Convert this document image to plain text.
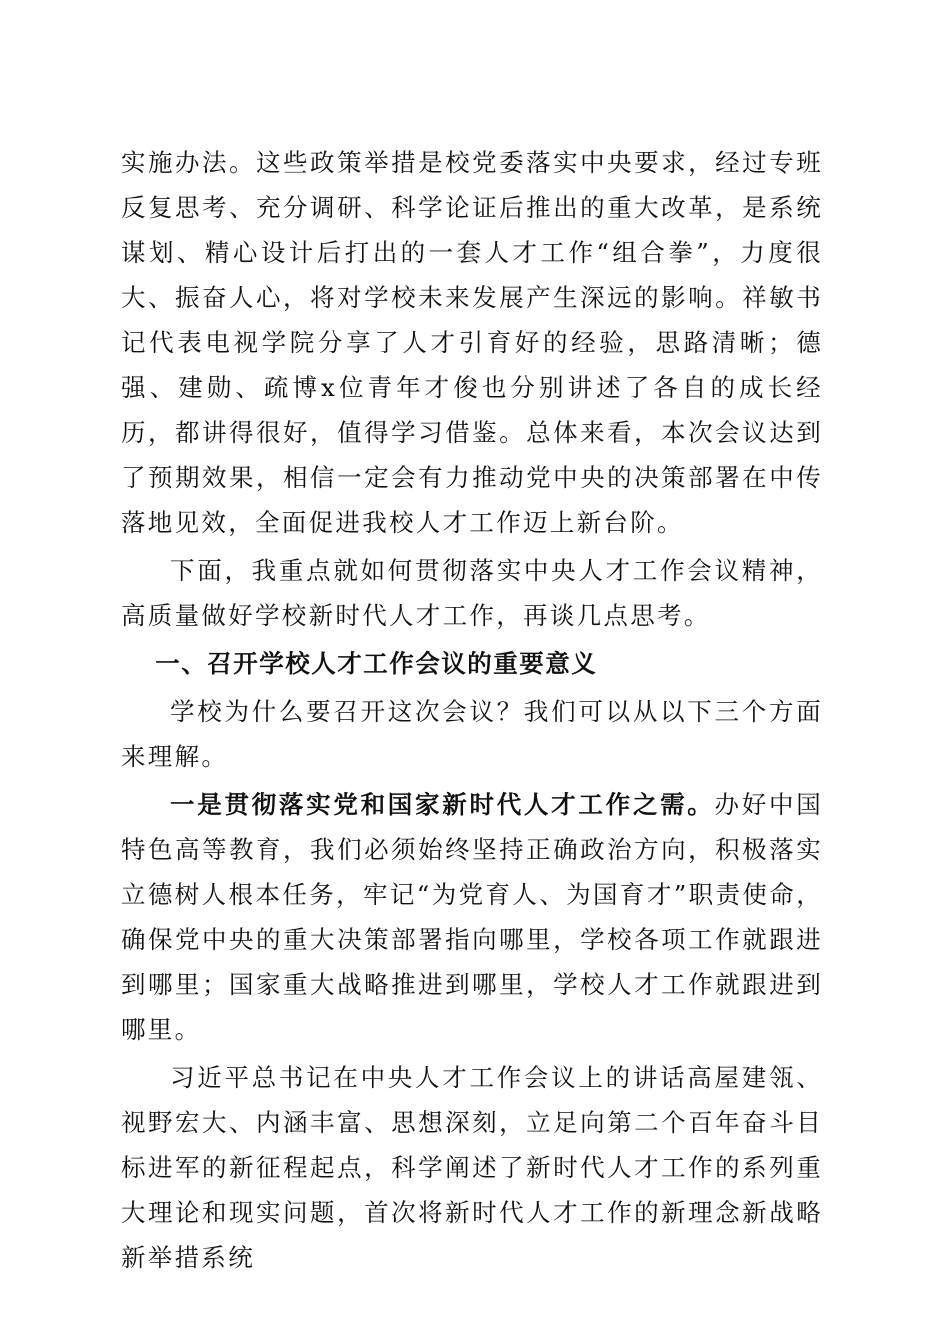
实施办法。这些政策举措是校党委落实中央要求，经过专班反复思考、充分调研、科学论证后推出的重大改革，是系统谋划、精心设计后打出的一套人才工作“组合拳”，力度很大、振奋人心，将对学校未来发展产生深远的影响。祥敏书记代表电视学院分享了人才引育好的经验，思路清晰；德强、建勋、疏博x位青年才俊也分别讲述了各自的成长经历，都讲得很好，值得学习借鉴。总体来看，本次会议达到了预期效果，相信一定会有力推动党中央的决策部署在中传落地见效，全面促进我校人才工作迈上新台阶。

下面，我重点就如何贯彻落实中央人才工作会议精神，高质量做好学校新时代人才工作，再谈几点思考。

一、召开学校人才工作会议的重要意义

学校为什么要召开这次会议？我们可以从以下三个方面来理解。

一是贯彻落实党和国家新时代人才工作之需。办好中国特色高等教育，我们必须始终坚持正确政治方向，积极落实立德树人根本任务，牢记“为党育人、为国育才”职责使命，确保党中央的重大决策部署指向哪里，学校各项工作就跟进到哪里；国家重大战略推进到哪里，学校人才工作就跟进到哪里。

习近平总书记在中央人才工作会议上的讲话高屋建瓴、视野宏大、内涵丰富、思想深刻，立足向第二个百年奋斗目标进军的新征程起点，科学阐述了新时代人才工作的系列重大理论和现实问题，首次将新时代人才工作的新理念新战略新举措系统
